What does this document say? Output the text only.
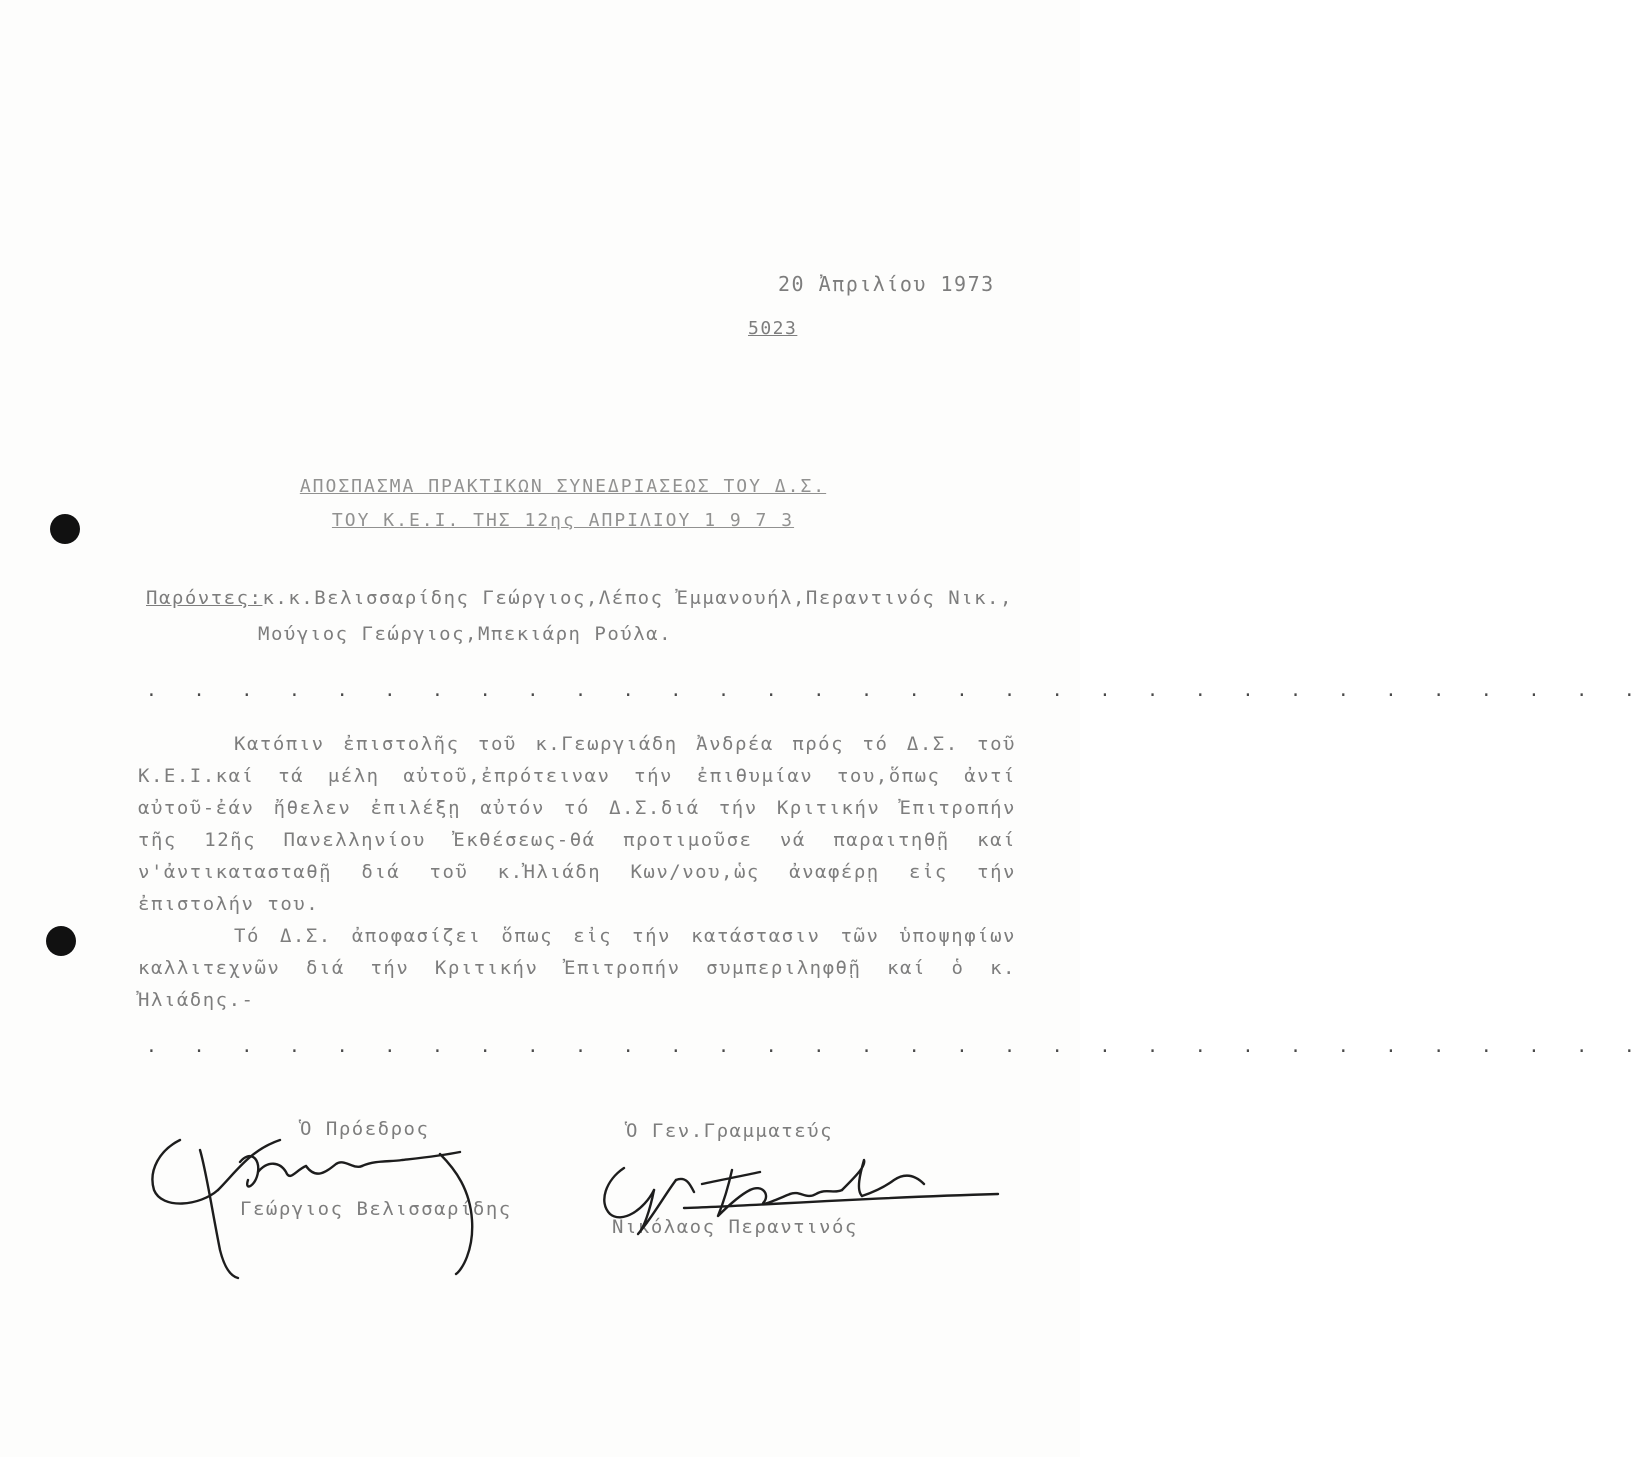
20 Ἀπριλίου 1973
5023
ΑΠΟΣΠΑΣΜΑ ΠΡΑΚΤΙΚΩΝ ΣΥΝΕΔΡΙΑΣΕΩΣ ΤΟΥ Δ.Σ.
ΤΟΥ Κ.Ε.Ι. ΤΗΣ 12ης ΑΠΡΙΛΙΟΥ 1 9 7 3
Παρόντες:κ.κ.Βελισσαρίδης Γεώργιος,Λέπος Ἐμμανουήλ,Περαντινός Νικ.,
Μούγιος Γεώργιος,Μπεκιάρη Ρούλα.
. . . . . . . . . . . . . . . . . . . . . . . . . . . . . . . .
Κατόπιν ἐπιστολῆς τοῦ κ.Γεωργιάδη Ἀνδρέα πρός τό Δ.Σ. τοῦ Κ.Ε.Ι.καί τά μέλη αὐτοῦ,ἐπρότειναν τήν ἐπιθυμίαν του,ὅπως ἀντί αὐτοῦ-ἐάν ἤθελεν ἐπιλέξῃ αὐτόν τό Δ.Σ.διά τήν Κριτικήν Ἐπιτροπήν τῆς 12ῆς Πανελληνίου Ἐκθέσεως-θά προτιμοῦσε νά παραιτηθῇ καί ν'ἀντικατασταθῇ διά τοῦ κ.Ἠλιάδη Κων/νου,ὡς ἀναφέρῃ εἰς τήν ἐπιστολήν του.
Τό Δ.Σ. ἀποφασίζει ὅπως εἰς τήν κατάστασιν τῶν ὑποψηφίων καλλιτεχνῶν διά τήν Κριτικήν Ἐπιτροπήν συμπεριληφθῇ καί ὁ κ. Ἠλιάδης.-
. . . . . . . . . . . . . . . . . . . . . . . . . . . . . . . .
Ὁ Πρόεδρος	Ὁ Γεν.Γραμματεύς
Γεώργιος Βελισσαρίδης
Νικόλαος Περαντινός
